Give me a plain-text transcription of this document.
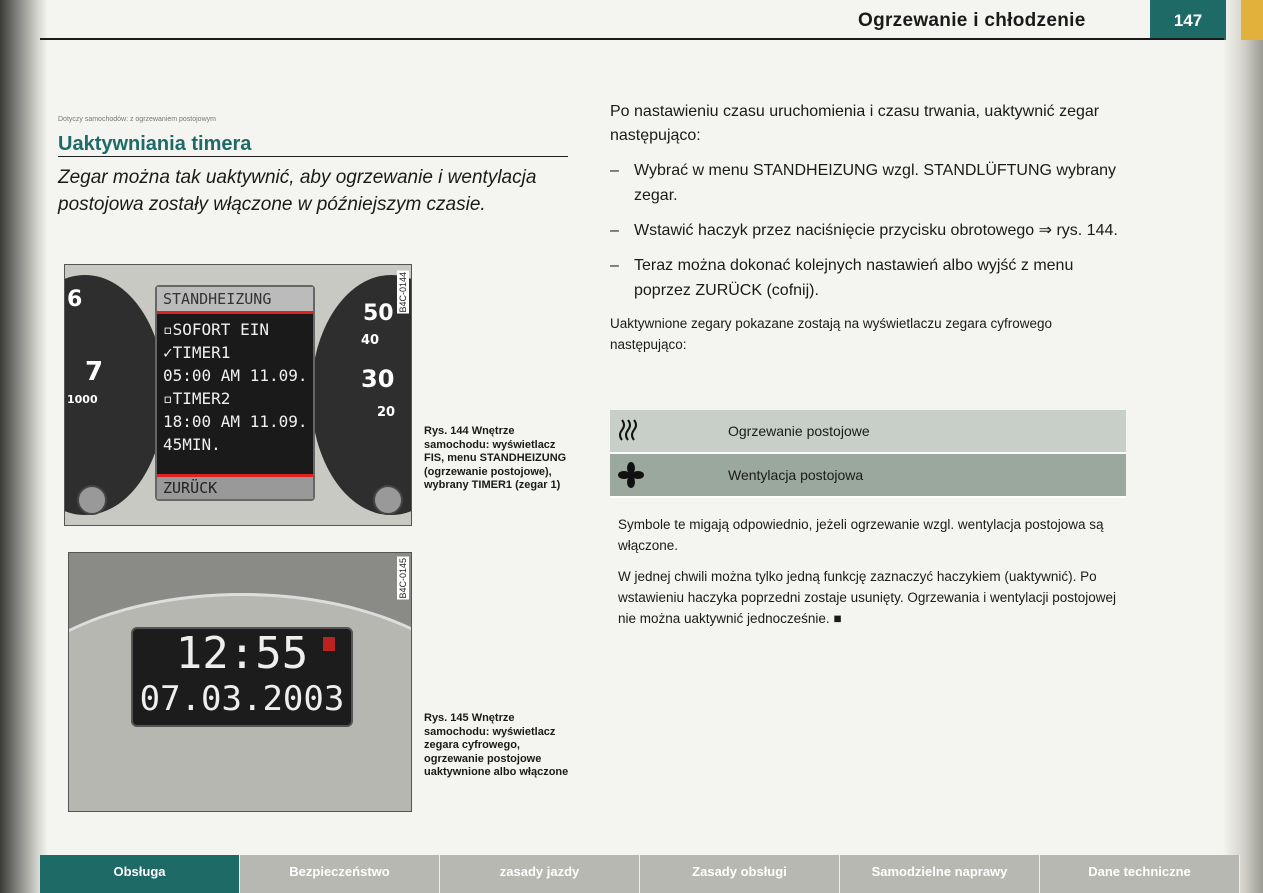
Ogrzewanie i chłodzenie	147
Dotyczy samochodów: z ogrzewaniem postojowym
Uaktywniania timera
Zegar można tak uaktywnić, aby ogrzewanie i wentylacja postojowa zostały włączone w późniejszym czasie.
6
7
1000
50
40
30
20
STANDHEIZUNG
▫SOFORT EIN
✓TIMER1
05:00 AM 11.09.
▫TIMER2
18:00 AM 11.09.
45MIN.
ZURÜCK
B4C-0144
Rys. 144 Wnętrze samochodu: wyświetlacz FIS, menu STANDHEIZUNG (ogrzewanie postojowe), wybrany TIMER1 (zegar 1)
12:55
07.03.2003
B4C-0145
Rys. 145 Wnętrze samochodu: wyświetlacz zegara cyfrowego, ogrzewanie postojowe uaktywnione albo włączone
Po nastawieniu czasu uruchomienia i czasu trwania, uaktywnić zegar następująco:
– Wybrać w menu STANDHEIZUNG wzgl. STANDLÜFTUNG wybrany zegar.
– Wstawić haczyk przez naciśnięcie przycisku obrotowego ⇒ rys. 144.
– Teraz można dokonać kolejnych nastawień albo wyjść z menu poprzez ZURÜCK (cofnij).
Uaktywnione zegary pokazane zostają na wyświetlaczu zegara cyfrowego następująco:
Ogrzewanie postojowe
Wentylacja postojowa
Symbole te migają odpowiednio, jeżeli ogrzewanie wzgl. wentylacja postojowa są włączone.
W jednej chwili można tylko jedną funkcję zaznaczyć haczykiem (uaktywnić). Po wstawieniu haczyka poprzedni zostaje usunięty. Ogrzewania i wentylacji postojowej nie można uaktywnić jednocześnie. ■
Obsługa	Bezpieczeństwo	zasady jazdy	Zasady obsługi	Samodzielne naprawy	Dane techniczne
